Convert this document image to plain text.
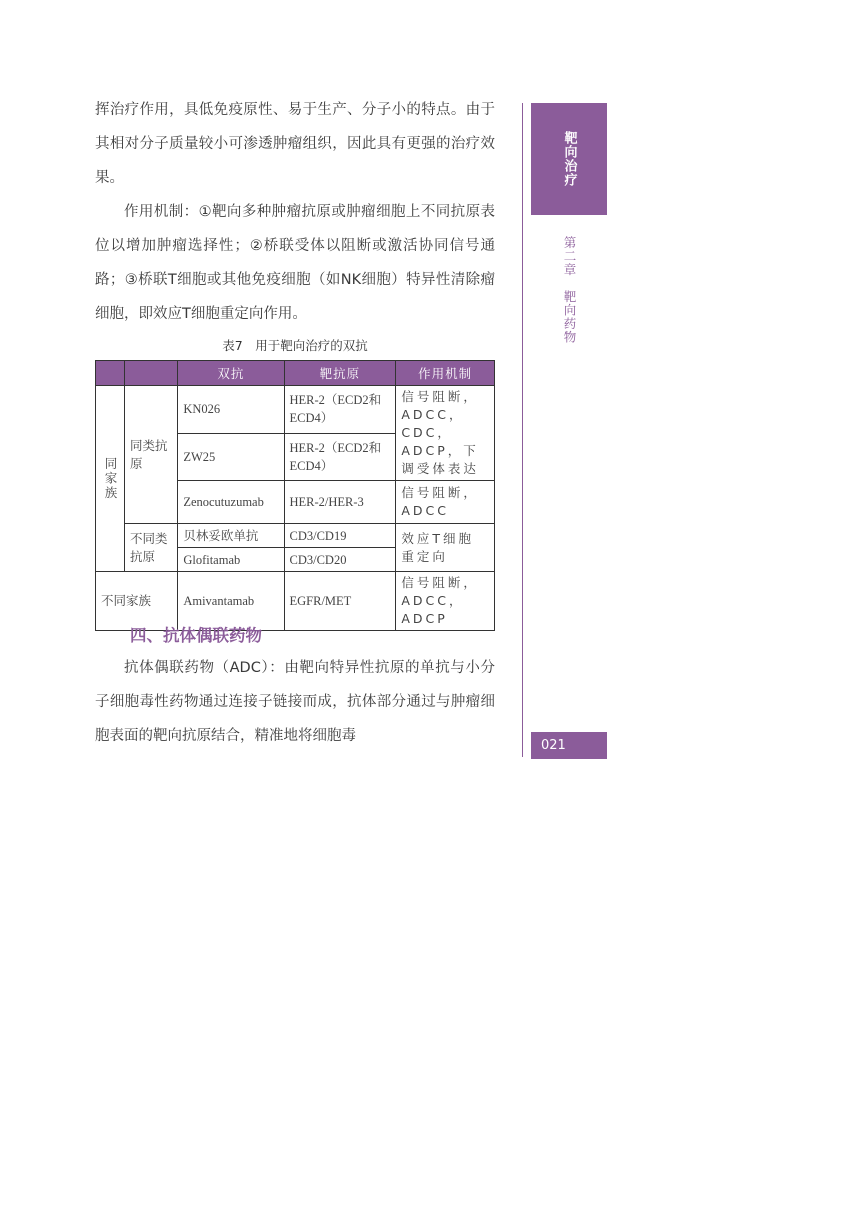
挥治疗作用，具低免疫原性、易于生产、分子小的特点。由于其相对分子质量较小可渗透肿瘤组织，因此具有更强的治疗效果。

作用机制：①靶向多种肿瘤抗原或肿瘤细胞上不同抗原表位以增加肿瘤选择性；②桥联受体以阻断或激活协同信号通路；③桥联T细胞或其他免疫细胞（如NK细胞）特异性清除瘤细胞，即效应T细胞重定向作用。

表7　用于靶向治疗的双抗
		双抗	靶抗原	作用机制

同家族	同类抗原	KN026	HER-2（ECD2和ECD4）	信号阻断，ADCC，CDC，ADCP，下调受体表达
		ZW25	HER-2（ECD2和ECD4）	
		Zenocutuzumab	HER-2/HER-3	信号阻断，ADCC
	不同类抗原	贝林妥欧单抗	CD3/CD19	效应T细胞重定向
		Glofitamab	CD3/CD20	
不同家族		Amivantamab	EGFR/MET	信号阻断，ADCC，ADCP
四、抗体偶联药物

抗体偶联药物（ADC）：由靶向特异性抗原的单抗与小分子细胞毒性药物通过连接子链接而成，抗体部分通过与肿瘤细胞表面的靶向抗原结合，精准地将细胞毒

靶向治疗
第二章　靶向药物
021
